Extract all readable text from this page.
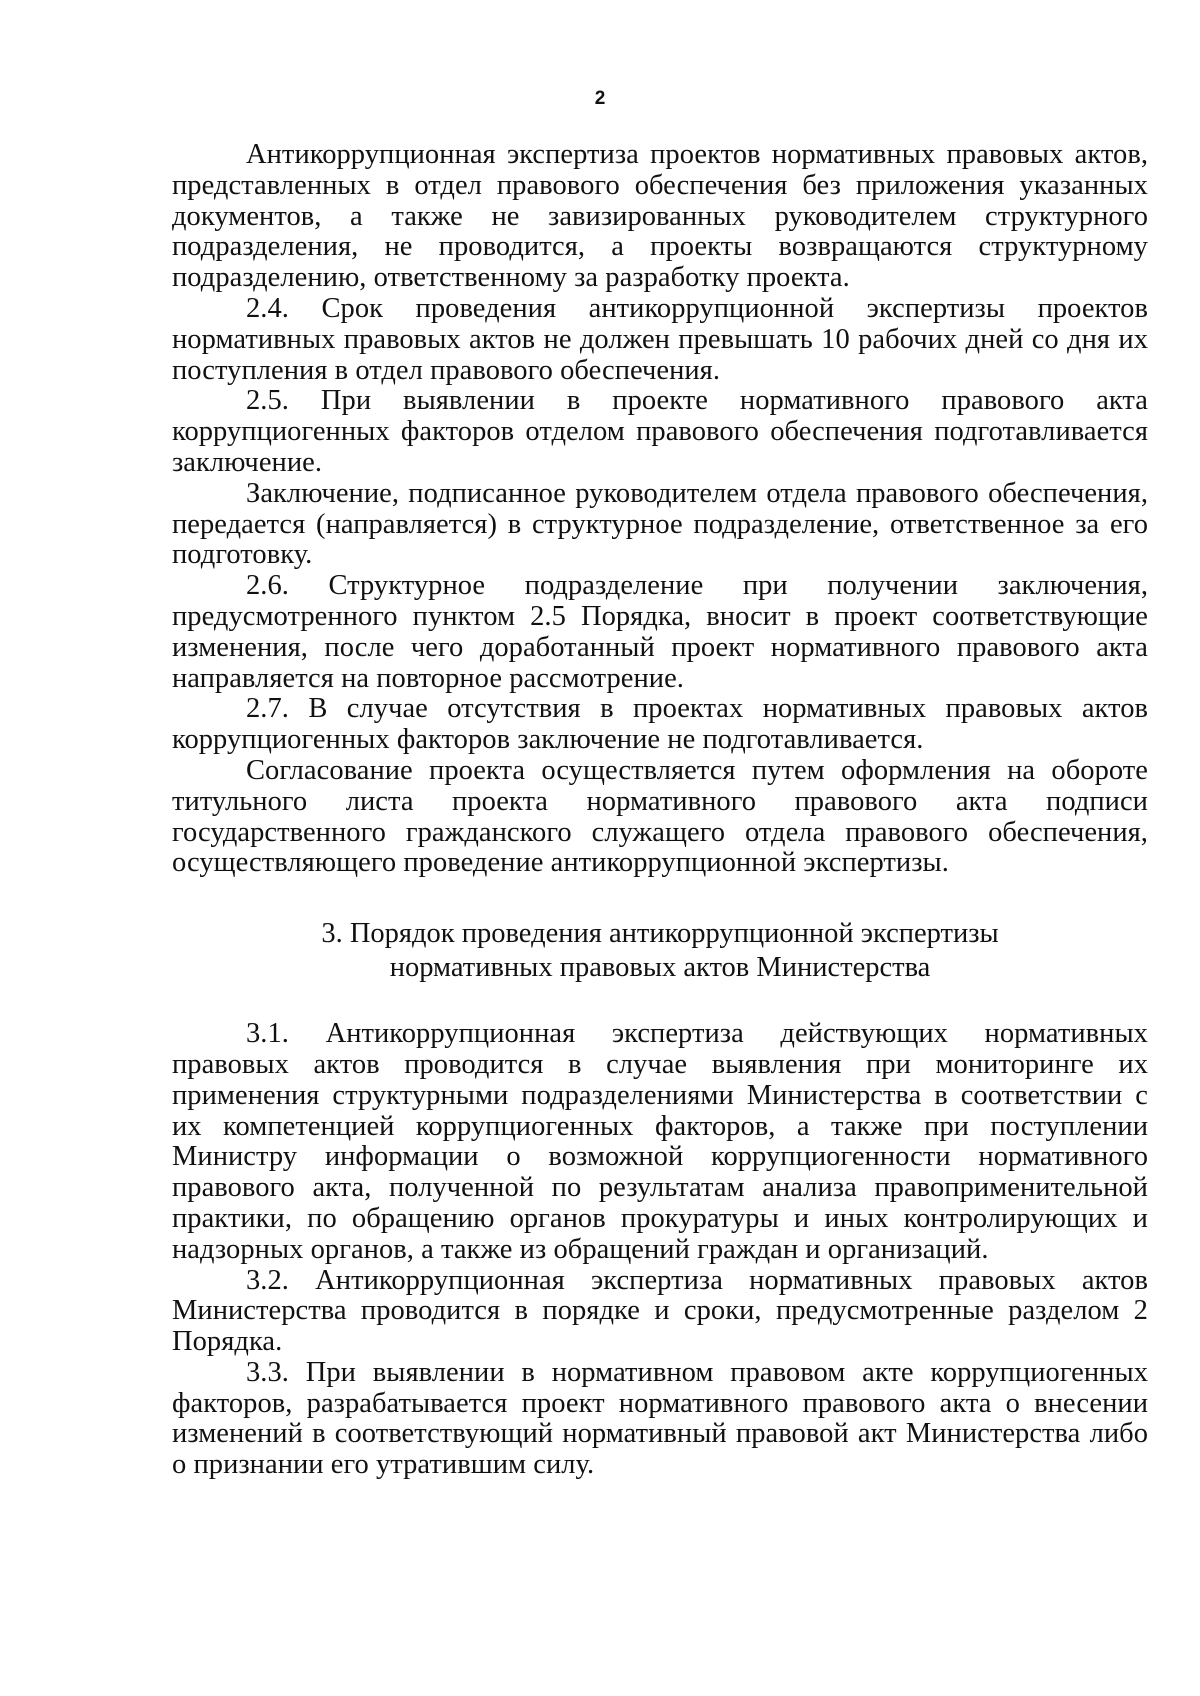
2

Антикоррупционная экспертиза проектов нормативных правовых актов, представленных в отдел правового обеспечения без приложения указанных документов, а также не завизированных руководителем структурного подразделения, не проводится, а проекты возвращаются структурному подразделению, ответственному за разработку проекта.

2.4. Срок проведения антикоррупционной экспертизы проектов нормативных правовых актов не должен превышать 10 рабочих дней со дня их поступления в отдел правового обеспечения.

2.5. При выявлении в проекте нормативного правового акта коррупциогенных факторов отделом правового обеспечения подготавливается заключение.

Заключение, подписанное руководителем отдела правового обеспечения, передается (направляется) в структурное подразделение, ответственное за его подготовку.

2.6. Структурное подразделение при получении заключения, предусмотренного пунктом 2.5 Порядка, вносит в проект соответствующие изменения, после чего доработанный проект нормативного правового акта направляется на повторное рассмотрение.

2.7. В случае отсутствия в проектах нормативных правовых актов коррупциогенных факторов заключение не подготавливается.

Согласование проекта осуществляется путем оформления на обороте титульного листа проекта нормативного правового акта подписи государственного гражданского служащего отдела правового обеспечения, осуществляющего проведение антикоррупционной экспертизы.

3. Порядок проведения антикоррупционной экспертизы
нормативных правовых актов Министерства

3.1. Антикоррупционная экспертиза действующих нормативных правовых актов проводится в случае выявления при мониторинге их применения структурными подразделениями Министерства в соответствии с их компетенцией коррупциогенных факторов, а также при поступлении Министру информации о возможной коррупциогенности нормативного правового акта, полученной по результатам анализа правоприменительной практики, по обращению органов прокуратуры и иных контролирующих и надзорных органов, а также из обращений граждан и организаций.

3.2. Антикоррупционная экспертиза нормативных правовых актов Министерства проводится в порядке и сроки, предусмотренные разделом 2 Порядка.

3.3. При выявлении в нормативном правовом акте коррупциогенных факторов, разрабатывается проект нормативного правового акта о внесении изменений в соответствующий нормативный правовой акт Министерства либо о признании его утратившим силу.
